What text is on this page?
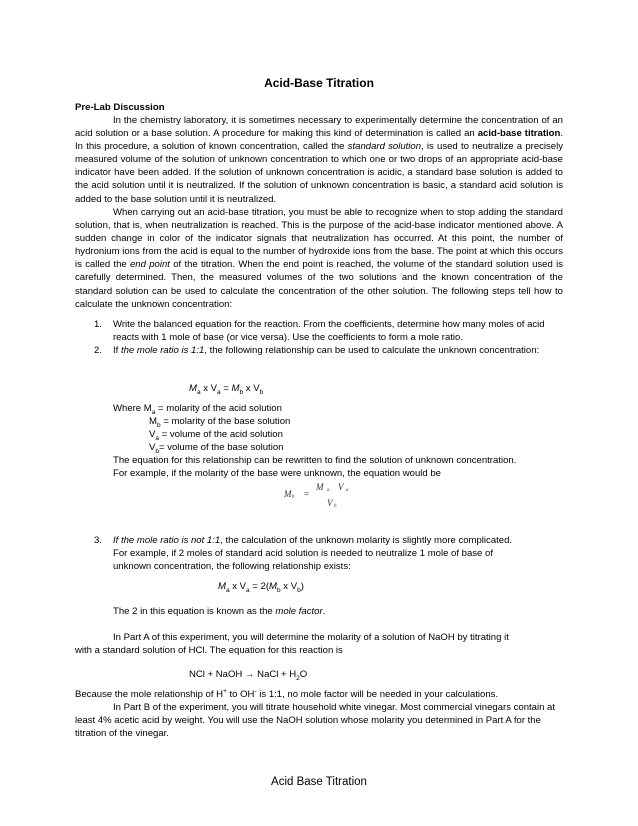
Acid-Base Titration
Pre-Lab Discussion
In the chemistry laboratory, it is sometimes necessary to experimentally determine the concentration of an acid solution or a base solution. A procedure for making this kind of determination is called an acid-base titration. In this procedure, a solution of known concentration, called the standard solution, is used to neutralize a precisely measured volume of the solution of unknown concentration to which one or two drops of an appropriate acid-base indicator have been added. If the solution of unknown concentration is acidic, a standard base solution is added to the acid solution until it is neutralized. If the solution of unknown concentration is basic, a standard acid solution is added to the base solution until it is neutralized.
When carrying out an acid-base titration, you must be able to recognize when to stop adding the standard solution, that is, when neutralization is reached. This is the purpose of the acid-base indicator mentioned above. A sudden change in color of the indicator signals that neutralization has occurred. At this point, the number of hydronium ions from the acid is equal to the number of hydroxide ions from the base. The point at which this occurs is called the end point of the titration. When the end point is reached, the volume of the standard solution used is carefully determined. Then, the measured volumes of the two solutions and the known concentration of the standard solution can be used to calculate the concentration of the other solution. The following steps tell how to calculate the unknown concentration:
1. Write the balanced equation for the reaction. From the coefficients, determine how many moles of acid reacts with 1 mole of base (or vice versa). Use the coefficients to form a mole ratio.
2. If the mole ratio is 1:1, the following relationship can be used to calculate the unknown concentration:
$M_a$ x $V_a = M_b$ x $V_b$
Where $M_a$ = molarity of the acid solution
$M_b$ = molarity of the base solution
$V_a$ = volume of the acid solution
$V_b=$ volume of the base solution
The equation for this relationship can be rewritten to find the solution of unknown concentration.
For example, if the molarity of the base were unknown, the equation would be
M b =
M a V a
V b
3. If the mole ratio is not 1:1, the calculation of the unknown molarity is slightly more complicated.
For example, if 2 moles of standard acid solution is needed to neutralize 1 mole of base of
unknown concentration, the following relationship exists:
$M_a$ x $V_a = 2(M_b$ x $V_b$)
The 2 in this equation is known as the mole factor.
In Part A of this experiment, you will determine the molarity of a solution of NaOH by titrating it
with a standard solution of HCl. The equation for this reaction is
NCl + NaOH → NaCl + $H_2O$
Because the mole relationship of H+ to OH- is 1:1, no mole factor will be needed in your calculations.
In Part B of the experiment, you will titrate household white vinegar. Most commercial vinegars contain at least 4% acetic acid by weight. You will use the NaOH solution whose molarity you determined in Part A for the titration of the vinegar.
Acid Base Titration
